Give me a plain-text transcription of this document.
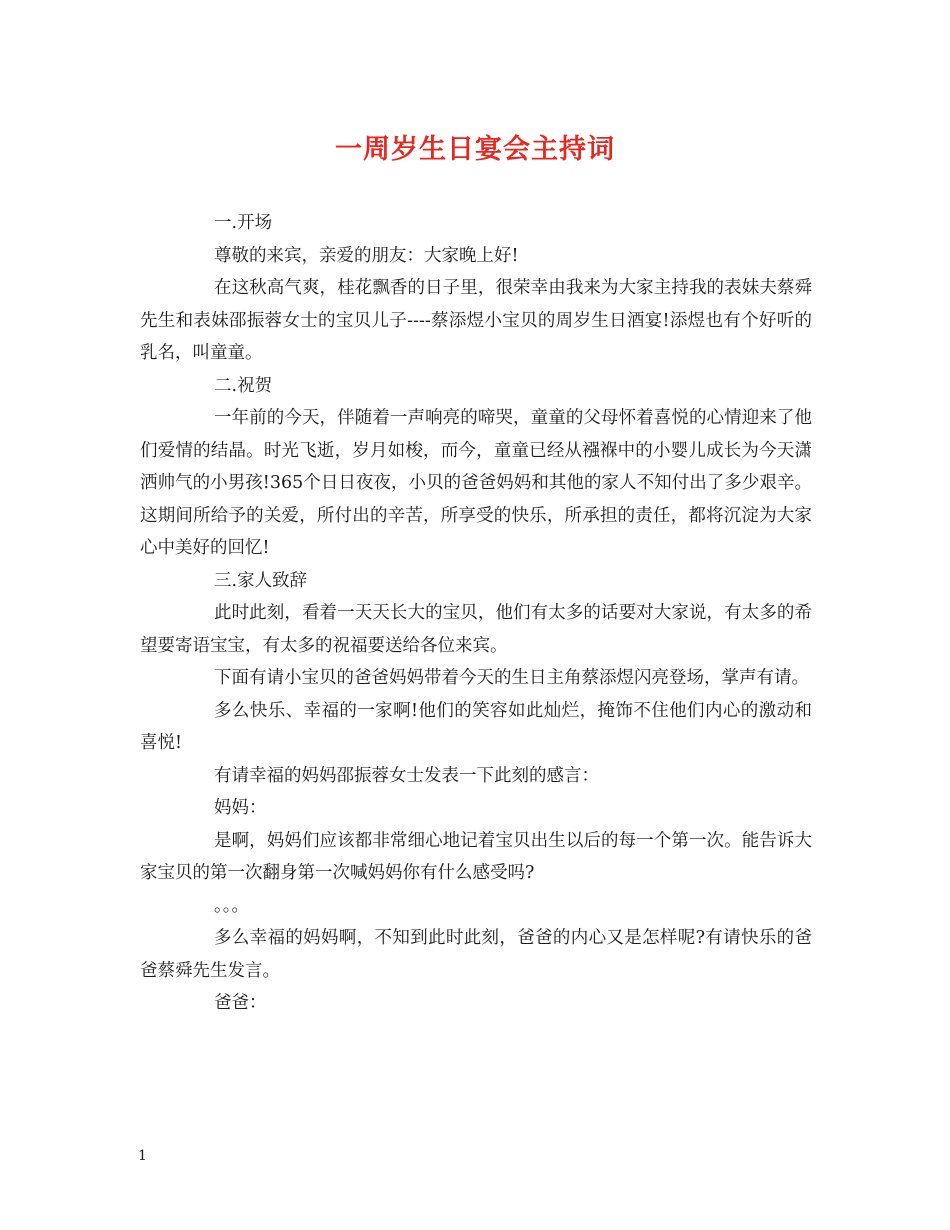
一周岁生日宴会主持词

一.开场

尊敬的来宾，亲爱的朋友：大家晚上好!

在这秋高气爽，桂花飘香的日子里，很荣幸由我来为大家主持我的表妹夫蔡舜先生和表妹邵振蓉女士的宝贝儿子----蔡添煜小宝贝的周岁生日酒宴!添煜也有个好听的乳名，叫童童。

二.祝贺

一年前的今天，伴随着一声响亮的啼哭，童童的父母怀着喜悦的心情迎来了他们爱情的结晶。时光飞逝，岁月如梭，而今，童童已经从襁褓中的小婴儿成长为今天潇洒帅气的小男孩!365个日日夜夜，小贝的爸爸妈妈和其他的家人不知付出了多少艰辛。这期间所给予的关爱，所付出的辛苦，所享受的快乐，所承担的责任，都将沉淀为大家心中美好的回忆!

三.家人致辞

此时此刻，看着一天天长大的宝贝，他们有太多的话要对大家说，有太多的希望要寄语宝宝，有太多的祝福要送给各位来宾。

下面有请小宝贝的爸爸妈妈带着今天的生日主角蔡添煜闪亮登场，掌声有请。

多么快乐、幸福的一家啊!他们的笑容如此灿烂，掩饰不住他们内心的激动和喜悦!

有请幸福的妈妈邵振蓉女士发表一下此刻的感言：

妈妈：

是啊，妈妈们应该都非常细心地记着宝贝出生以后的每一个第一次。能告诉大家宝贝的第一次翻身第一次喊妈妈你有什么感受吗?

。。。

多么幸福的妈妈啊，不知到此时此刻，爸爸的内心又是怎样呢?有请快乐的爸爸蔡舜先生发言。

爸爸：

1
